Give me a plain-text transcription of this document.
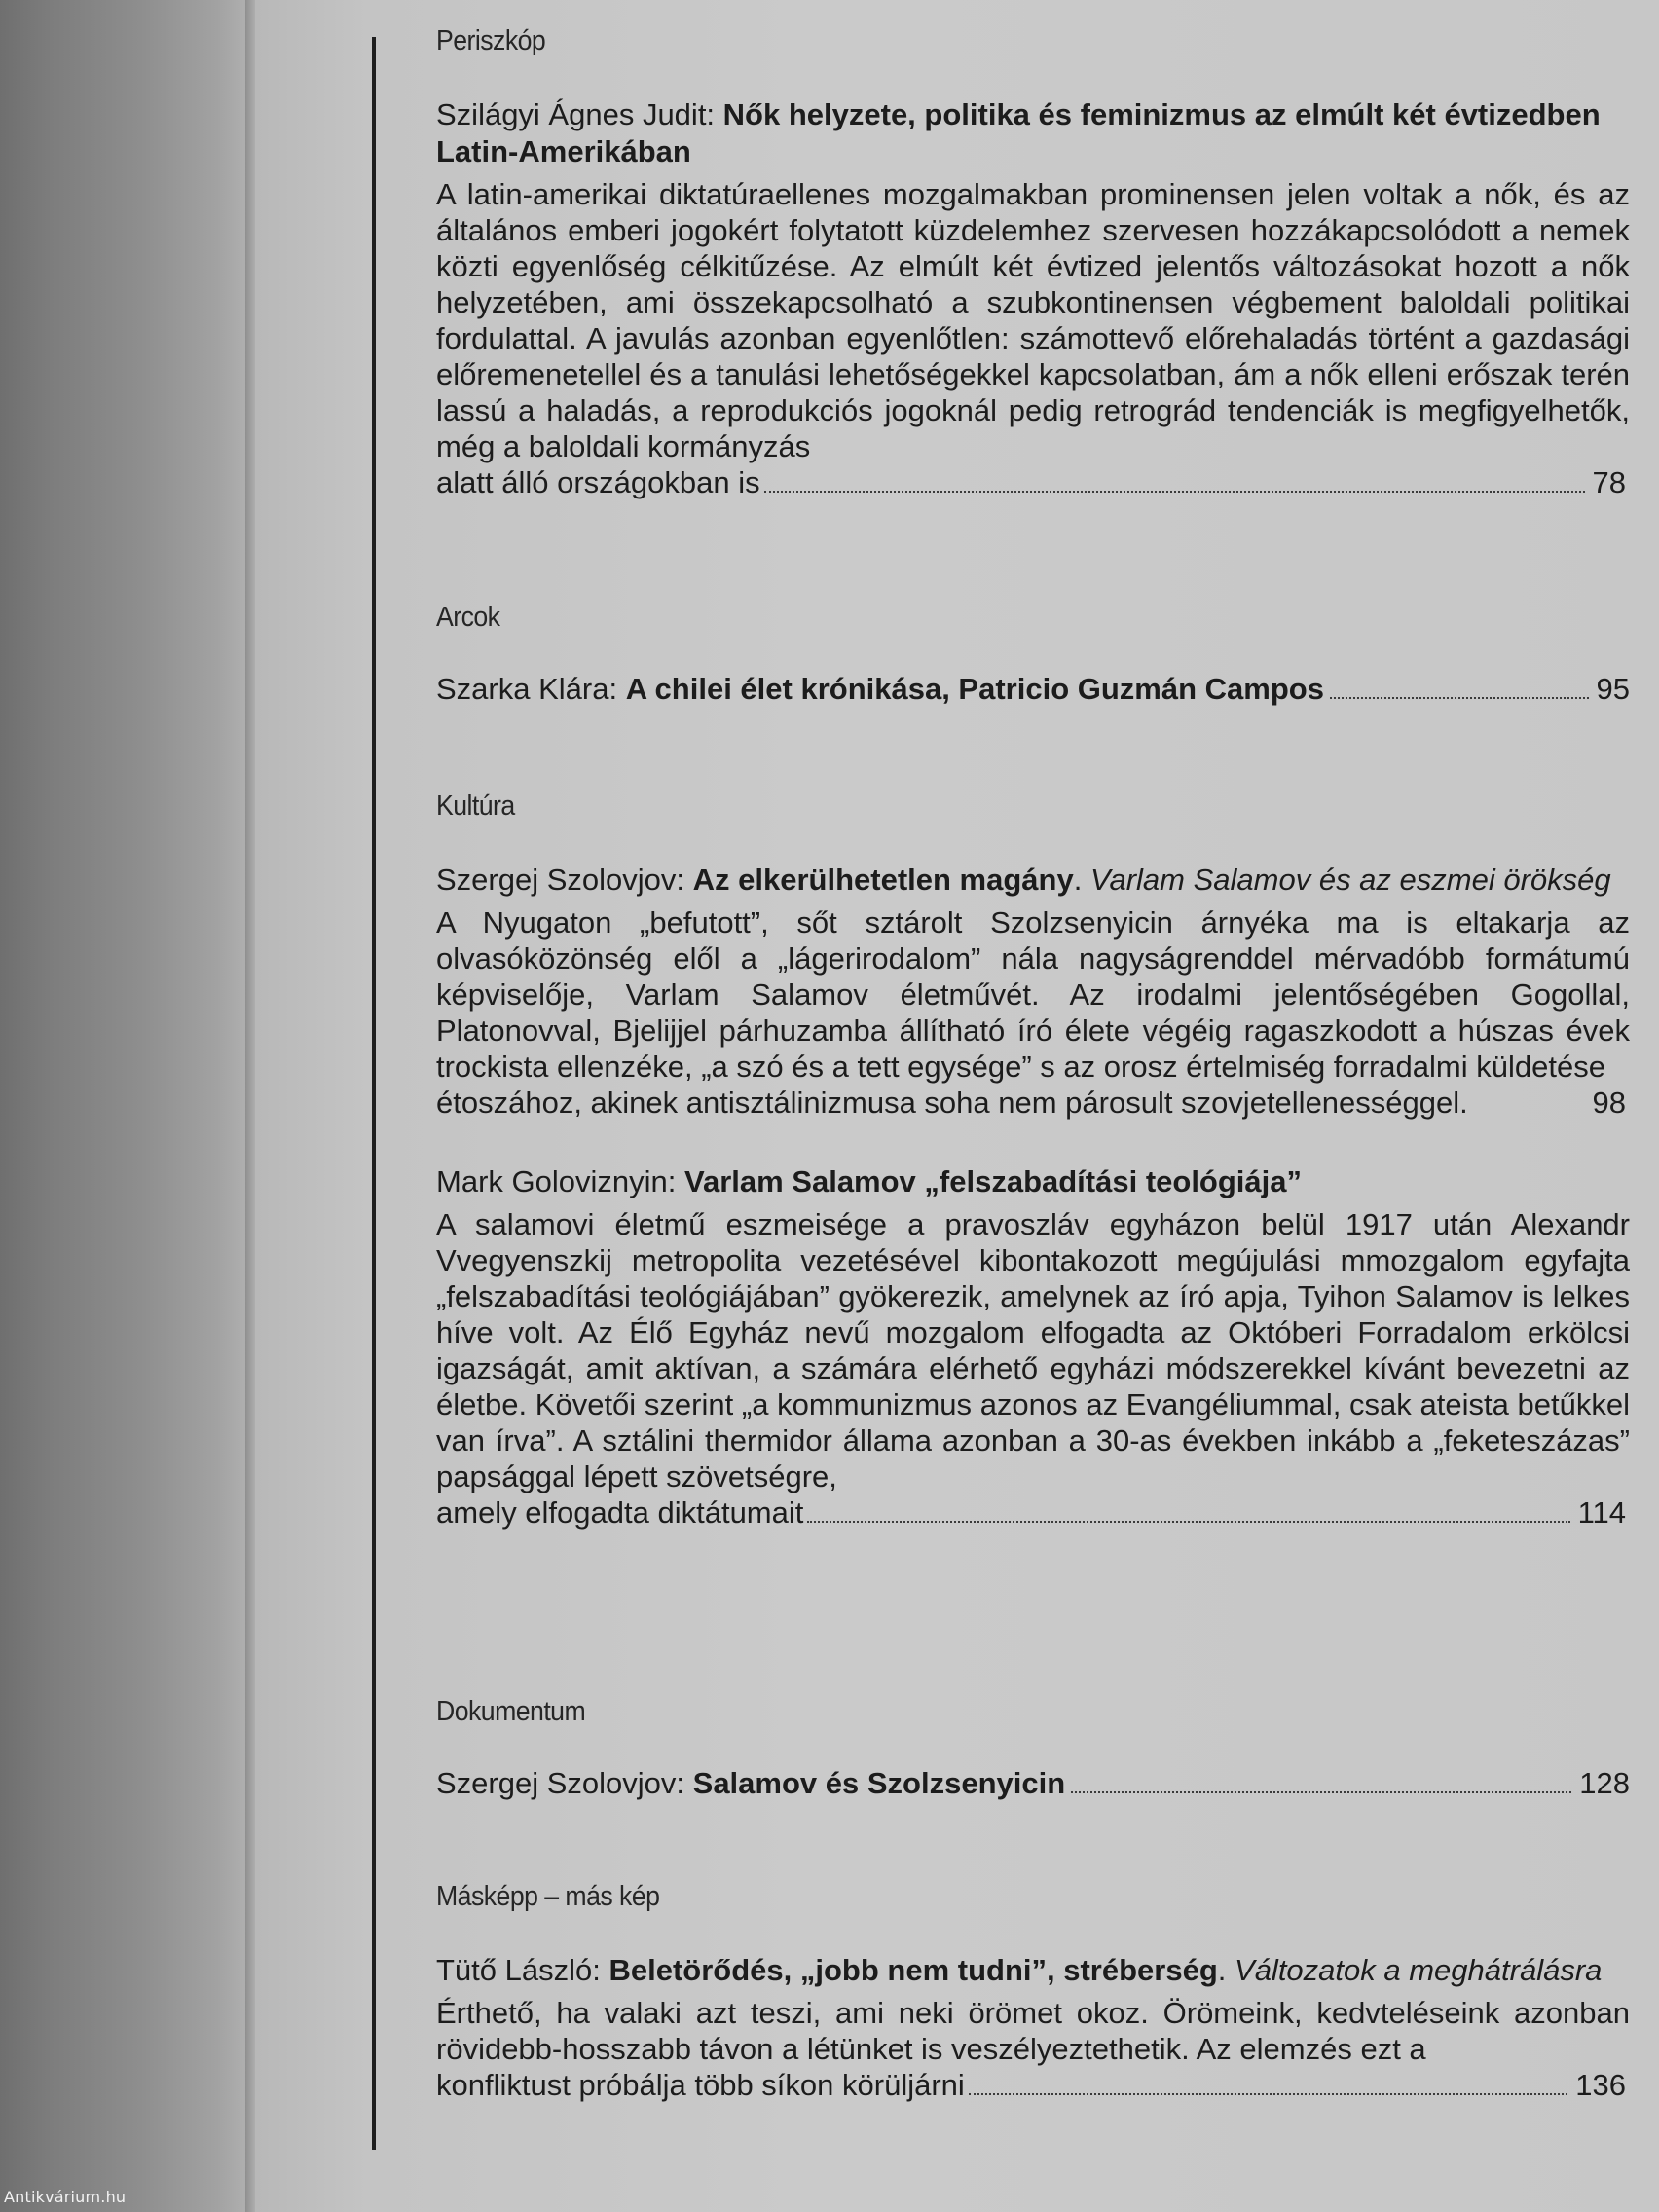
Antikvárium.hu
Periszkóp
Szilágyi Ágnes Judit: Nők helyzete, politika és feminizmus az elmúlt két évtizedben Latin-Amerikában
A latin-amerikai diktatúraellenes mozgalmakban prominensen jelen voltak a nők, és az általános emberi jogokért folytatott küzdelemhez szervesen hozzákapcsolódott a nemek közti egyenlőség célkitűzése. Az elmúlt két évtized jelentős változásokat hozott a nők helyzetében, ami összekapcsolható a szubkontinensen végbement baloldali politikai fordulattal. A javulás azonban egyenlőtlen: számottevő előrehaladás történt a gazdasági előremenetellel és a tanulási lehetőségekkel kapcsolatban, ám a nők elleni erőszak terén lassú a haladás, a reprodukciós jogoknál pedig retrográd tendenciák is megfigyelhetők, még a baloldali kormányzás
alatt álló országokban is	78
Arcok
Szarka Klára:
A chilei élet krónikása, Patricio Guzmán Campos	95
Kultúra
Szergej Szolovjov: Az elkerülhetetlen magány. Varlam Salamov és az eszmei örökség
A Nyugaton „befutott”, sőt sztárolt Szolzsenyicin árnyéka ma is eltakarja az olvasóközönség elől a „lágerirodalom” nála nagyságrenddel mérvadóbb formátumú képviselője, Varlam Salamov életművét. Az irodalmi jelentőségében Gogollal, Platonovval, Bjelijjel párhuzamba állítható író élete végéig ragaszkodott a húszas évek trockista ellenzéke, „a szó és a tett egysége” s az orosz értelmiség forradalmi küldetése
étoszához, akinek antisztálinizmusa soha nem párosult szovjetellenességgel.	98
Mark Goloviznyin: Varlam Salamov „felszabadítási teológiája”
A salamovi életmű eszmeisége a pravoszláv egyházon belül 1917 után Alexandr Vvegyenszkij metropolita vezetésével kibontakozott megújulási mmozgalom egyfajta „felszabadítási teológiájában” gyökerezik, amelynek az író apja, Tyihon Salamov is lelkes híve volt. Az Élő Egyház nevű mozgalom elfogadta az Októberi Forradalom erkölcsi igazságát, amit aktívan, a számára elérhető egyházi módszerekkel kívánt bevezetni az életbe. Követői szerint „a kommunizmus azonos az Evangéliummal, csak ateista betűkkel van írva”. A sztálini thermidor állama azonban a 30-as években inkább a „feketeszázas” papsággal lépett szövetségre,
amely elfogadta diktátumait	114
Dokumentum
Szergej Szolovjov:
Salamov és Szolzsenyicin	128
Másképp – más kép
Tütő László: Beletörődés, „jobb nem tudni”, stréberség. Változatok a meghátrálásra
Érthető, ha valaki azt teszi, ami neki örömet okoz. Örömeink, kedvteléseink azonban rövidebb-hosszabb távon a létünket is veszélyeztethetik. Az elemzés ezt a
konfliktust próbálja több síkon körüljárni	136
